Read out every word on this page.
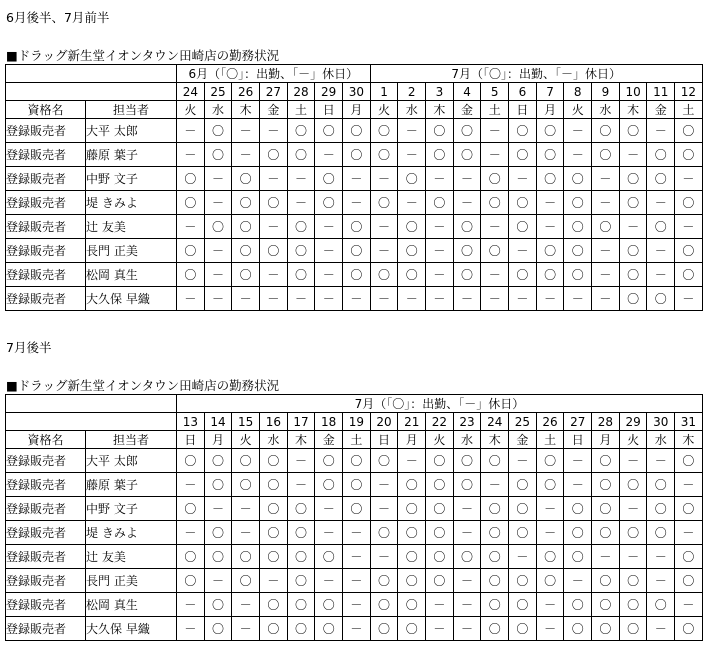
6月後半、7月前半
■ドラッグ新生堂イオンタウン田崎店の勤務状況
		6月（「〇」：出勤、「－」休日）							7月（「〇」：出勤、「－」休日）											
		24	25	26	27	28	29	30	1	2	3	4	5	6	7	8	9	10	11	12
資格名	担当者	火	水	木	金	土	日	月	火	水	木	金	土	日	月	火	水	木	金	土
登録販売者	大平 太郎	－	〇	－	－	〇	〇	〇	〇	－	〇	〇	－	〇	〇	－	〇	〇	－	〇
登録販売者	藤原 葉子	－	〇	－	〇	〇	－	〇	〇	－	〇	〇	－	〇	〇	－	〇	－	〇	〇
登録販売者	中野 文子	〇	－	〇	－	－	〇	－	－	〇	－	－	〇	－	〇	〇	－	〇	〇	－
登録販売者	堤 きみよ	〇	－	〇	〇	－	〇	－	〇	－	〇	－	〇	〇	－	〇	－	〇	－	〇
登録販売者	辻 友美	－	〇	〇	－	〇	－	〇	－	〇	－	〇	－	〇	－	〇	〇	－	〇	－
登録販売者	長門 正美	〇	－	〇	〇	〇	－	〇	－	〇	－	〇	〇	－	〇	〇	－	〇	－	〇
登録販売者	松岡 真生	〇	－	〇	－	〇	－	〇	〇	〇	－	〇	－	〇	〇	〇	－	〇	－	〇
登録販売者	大久保 早織	－	－	－	－	－	－	－	－	－	－	－	－	－	－	－	－	〇	〇	－
7月後半
■ドラッグ新生堂イオンタウン田崎店の勤務状況
		7月（「〇」：出勤、「－」休日）																		
		13	14	15	16	17	18	19	20	21	22	23	24	25	26	27	28	29	30	31
資格名	担当者	日	月	火	水	木	金	土	日	月	火	水	木	金	土	日	月	火	水	木
登録販売者	大平 太郎	〇	〇	〇	〇	－	〇	〇	〇	－	〇	〇	〇	－	〇	－	〇	－	－	〇
登録販売者	藤原 葉子	－	〇	〇	〇	－	〇	〇	－	〇	〇	〇	－	〇	〇	－	〇	〇	〇	－
登録販売者	中野 文子	〇	－	－	〇	〇	－	〇	－	〇	〇	－	〇	〇	－	〇	〇	－	〇	〇
登録販売者	堤 きみよ	－	〇	－	〇	〇	－	－	〇	〇	〇	－	〇	〇	－	〇	〇	〇	〇	－
登録販売者	辻 友美	〇	〇	〇	〇	〇	〇	－	－	〇	〇	〇	〇	－	〇	〇	－	－	－	〇
登録販売者	長門 正美	〇	－	〇	－	〇	－	－	〇	〇	〇	－	〇	〇	〇	－	〇	〇	－	〇
登録販売者	松岡 真生	－	〇	－	〇	〇	〇	－	〇	〇	－	－	〇	〇	－	〇	〇	〇	〇	－
登録販売者	大久保 早織	－	〇	－	〇	〇	〇	－	〇	〇	－	－	〇	〇	－	〇	〇	〇	－	〇
